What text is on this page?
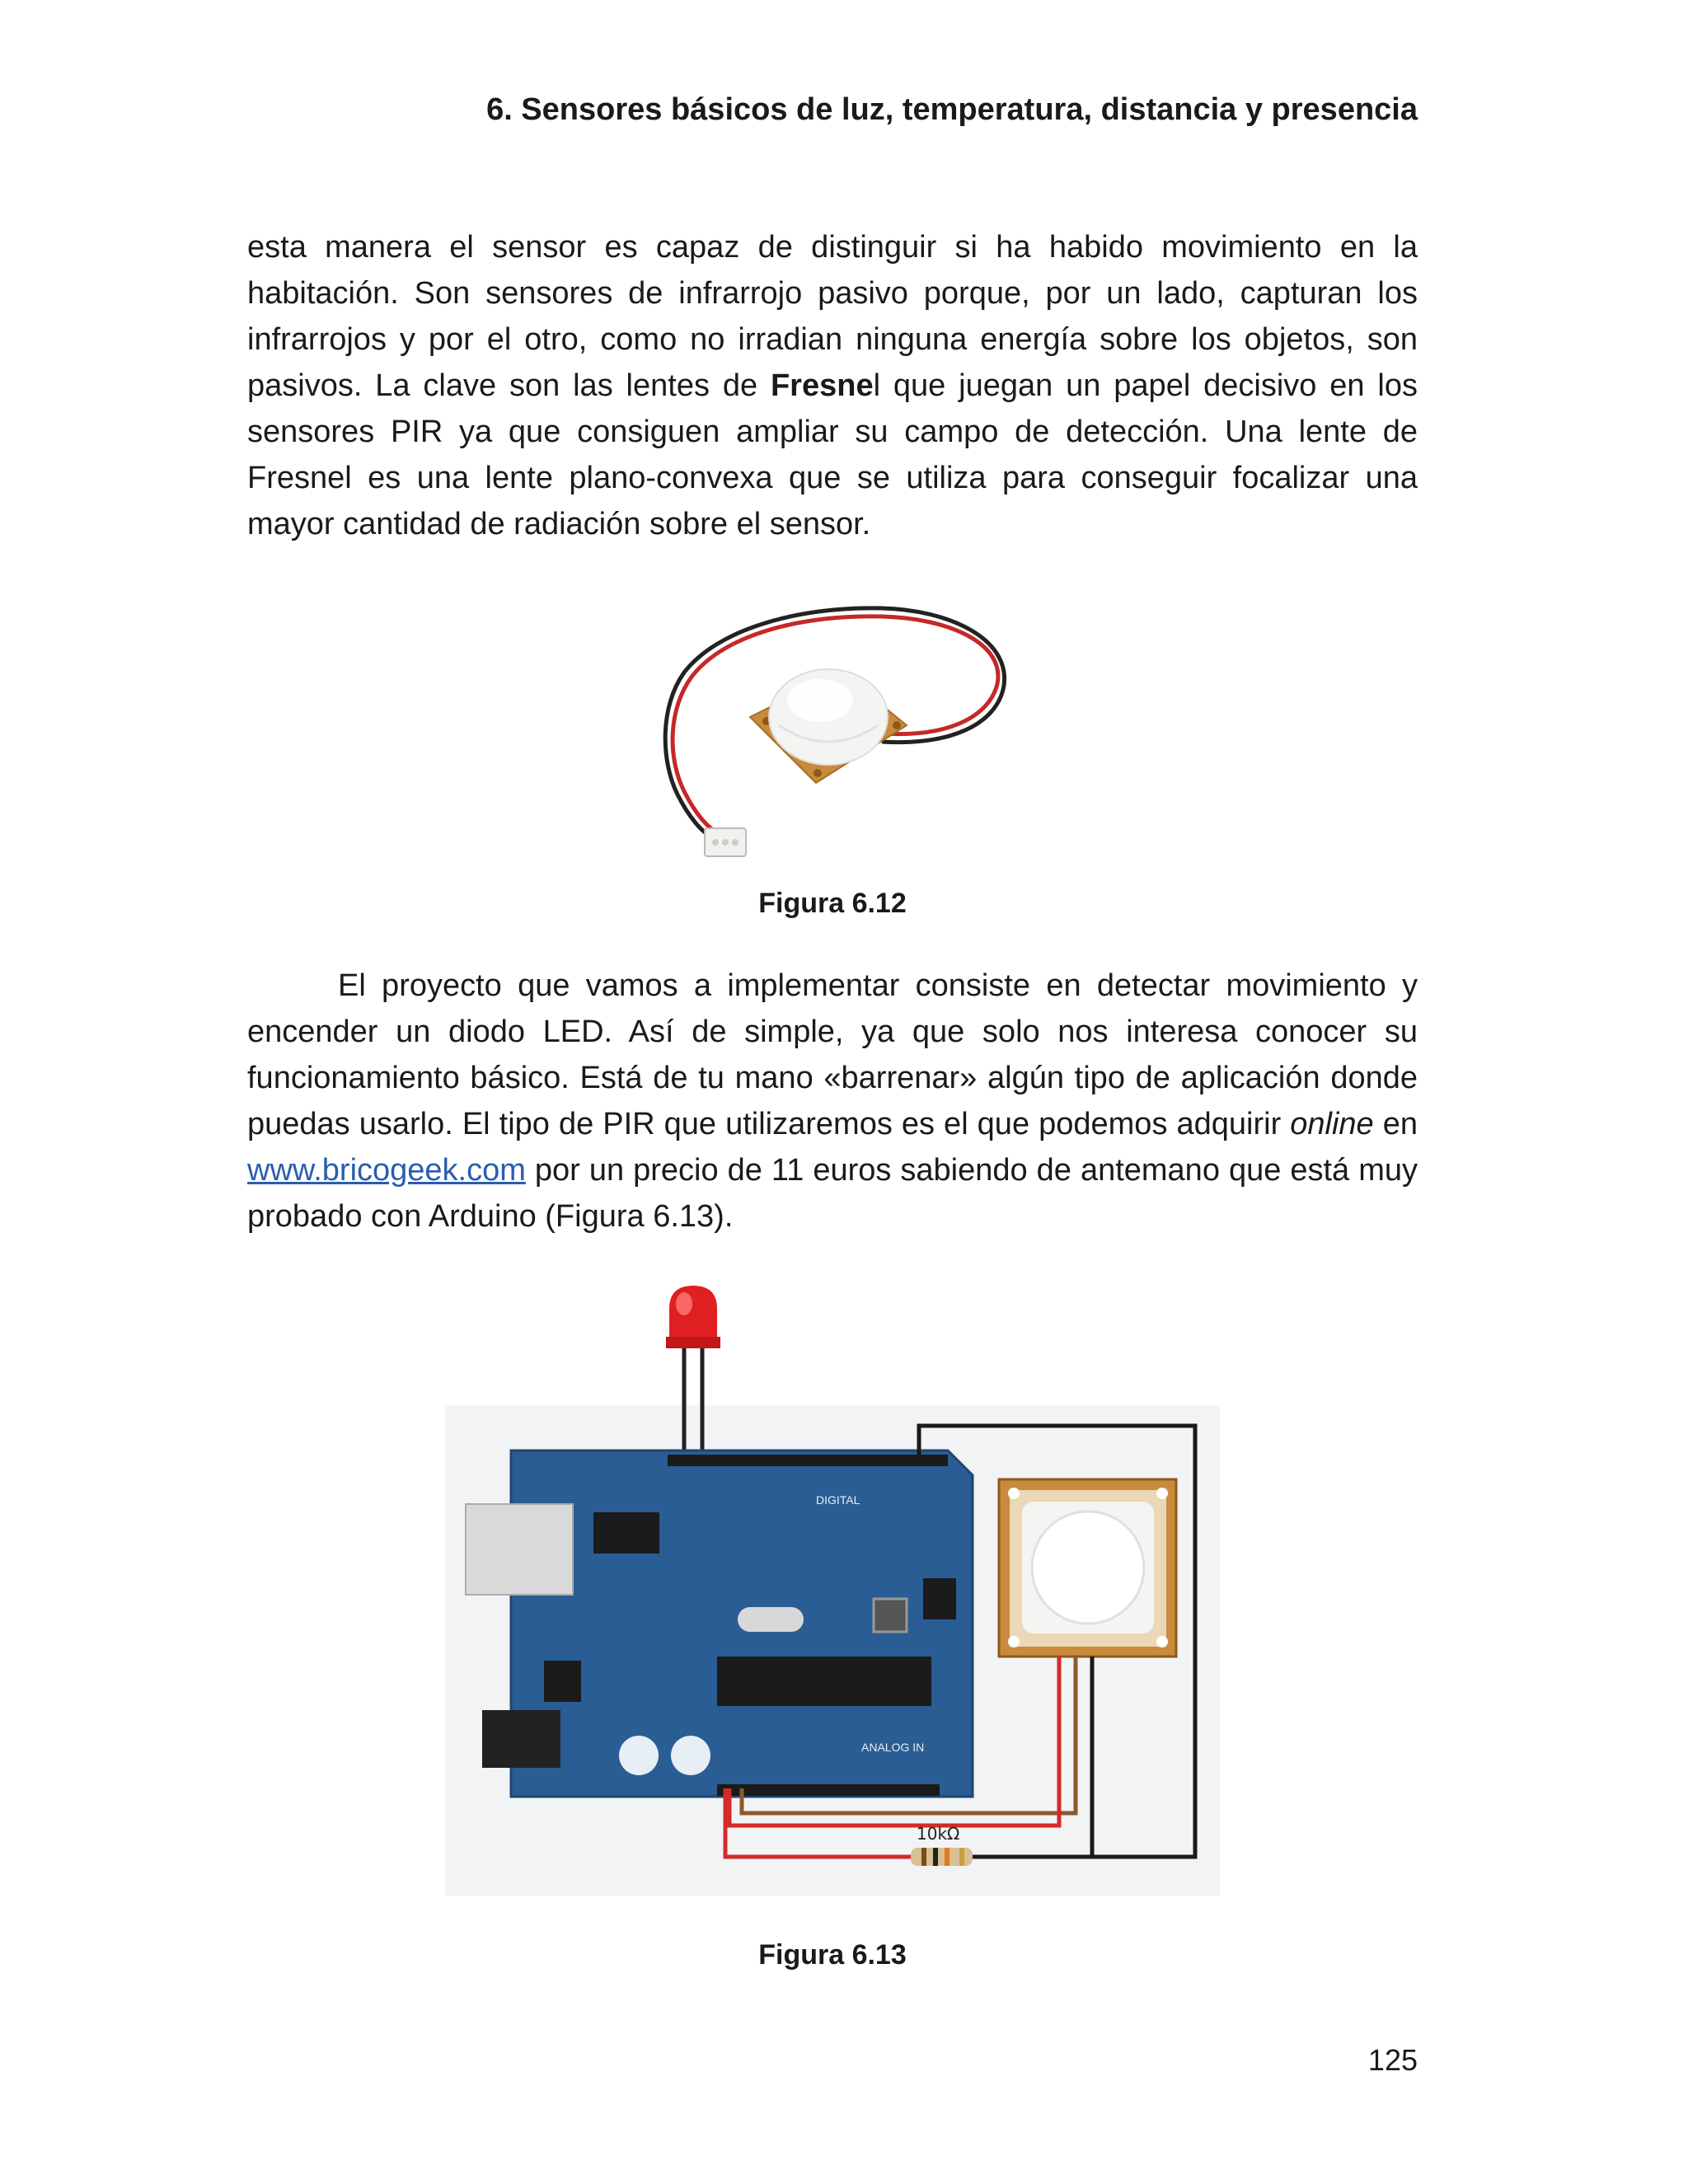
6. Sensores básicos de luz, temperatura, distancia y presencia

esta manera el sensor es capaz de distinguir si ha habido movimiento en la habitación. Son sensores de infrarrojo pasivo porque, por un lado, capturan los infrarrojos y por el otro, como no irradian ninguna energía sobre los objetos, son pasivos. La clave son las lentes de Fresnel que juegan un papel decisivo en los sensores PIR ya que consiguen ampliar su campo de detección. Una lente de Fresnel es una lente plano-convexa que se utiliza para conseguir focalizar una mayor cantidad de radiación sobre el sensor.

Figura 6.12

El proyecto que vamos a implementar consiste en detectar movimiento y encender un diodo LED. Así de simple, ya que solo nos interesa conocer su funcionamiento básico. Está de tu mano «barrenar» algún tipo de aplicación donde puedas usarlo. El tipo de PIR que utilizaremos es el que podemos adquirir online en www.bricogeek.com por un precio de 11 euros sabiendo de antemano que está muy probado con Arduino (Figura 6.13).

DIGITAL
ANALOG IN
10kΩ
Figura 6.13
125
